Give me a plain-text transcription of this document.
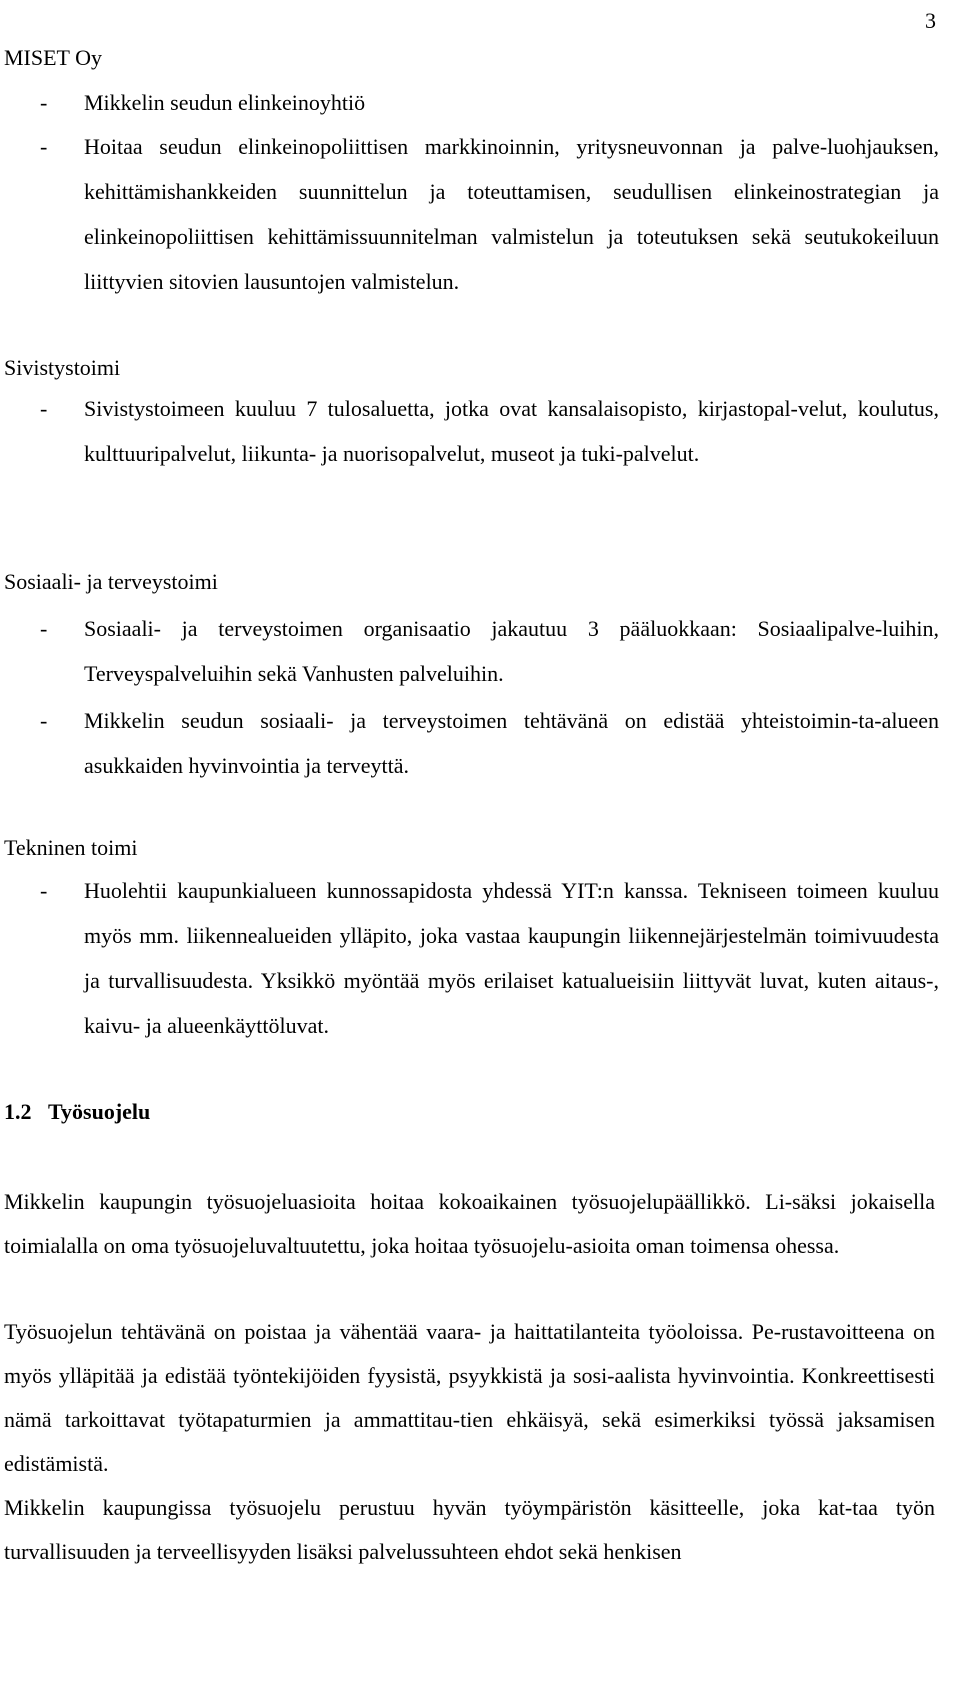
3
MISET Oy
- Mikkelin seudun elinkeinoyhtiö
- Hoitaa seudun elinkeinopoliittisen markkinoinnin, yritysneuvonnan ja palve-luohjauksen, kehittämishankkeiden suunnittelun ja toteuttamisen, seudullisen elinkeinostrategian ja elinkeinopoliittisen kehittämissuunnitelman valmistelun ja toteutuksen sekä seutukokeiluun liittyvien sitovien lausuntojen valmistelun.
Sivistystoimi
- Sivistystoimeen kuuluu 7 tulosaluetta, jotka ovat kansalaisopisto, kirjastopal-velut, koulutus, kulttuuripalvelut, liikunta- ja nuorisopalvelut, museot ja tuki-palvelut.
Sosiaali- ja terveystoimi
- Sosiaali- ja terveystoimen organisaatio jakautuu 3 pääluokkaan: Sosiaalipalve-luihin, Terveyspalveluihin sekä Vanhusten palveluihin.
- Mikkelin seudun sosiaali- ja terveystoimen tehtävänä on edistää yhteistoimin-ta-alueen asukkaiden hyvinvointia ja terveyttä.
Tekninen toimi
- Huolehtii kaupunkialueen kunnossapidosta yhdessä YIT:n kanssa. Tekniseen toimeen kuuluu myös mm. liikennealueiden ylläpito, joka vastaa kaupungin liikennejärjestelmän toimivuudesta ja turvallisuudesta. Yksikkö myöntää myös erilaiset katualueisiin liittyvät luvat, kuten aitaus-, kaivu- ja alueenkäyttöluvat.
1.2 Työsuojelu
Mikkelin kaupungin työsuojeluasioita hoitaa kokoaikainen työsuojelupäällikkö. Li-säksi jokaisella toimialalla on oma työsuojeluvaltuutettu, joka hoitaa työsuojelu-asioita oman toimensa ohessa.
Työsuojelun tehtävänä on poistaa ja vähentää vaara- ja haittatilanteita työoloissa. Pe-rustavoitteena on myös ylläpitää ja edistää työntekijöiden fyysistä, psyykkistä ja sosi-aalista hyvinvointia. Konkreettisesti nämä tarkoittavat työtapaturmien ja ammattitau-tien ehkäisyä, sekä esimerkiksi työssä jaksamisen edistämistä.
Mikkelin kaupungissa työsuojelu perustuu hyvän työympäristön käsitteelle, joka kat-taa työn turvallisuuden ja terveellisyyden lisäksi palvelussuhteen ehdot sekä henkisen
